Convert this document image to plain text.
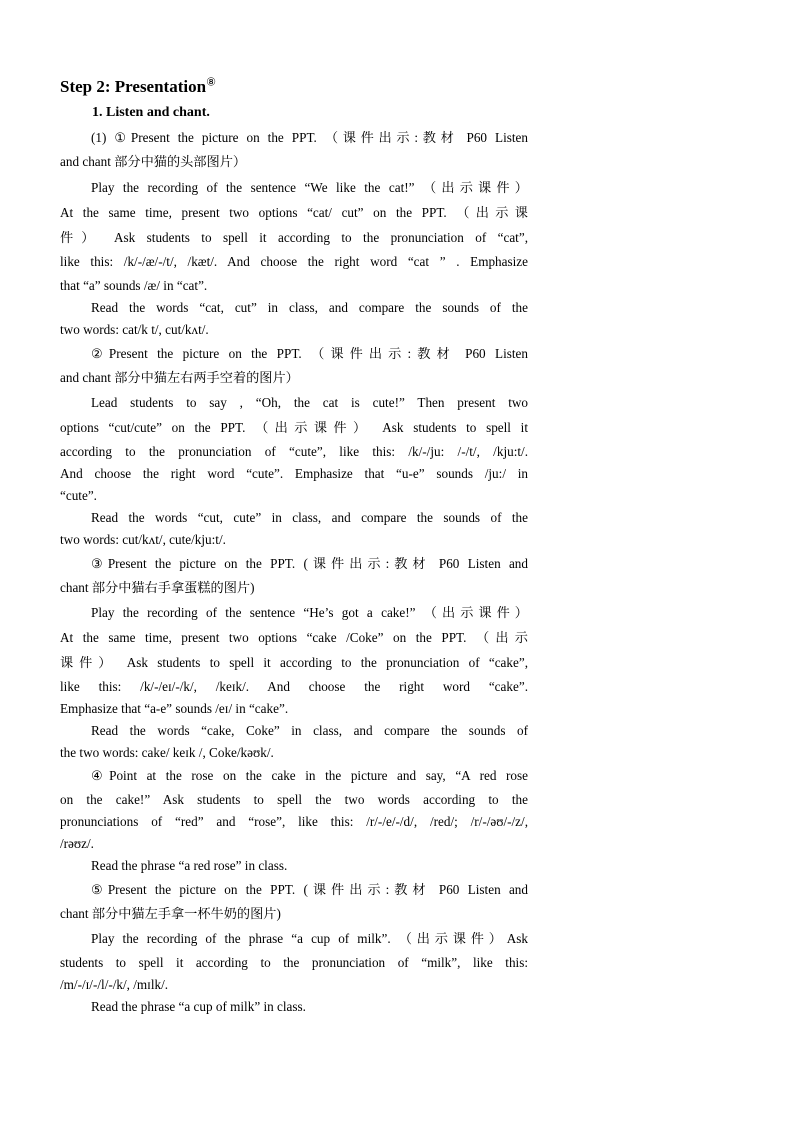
Step 2: Presentation⑧
1. Listen and chant.
(1) ①Present the picture on the PPT. （课件出示:教材 P60 Listen
and chant 部分中猫的头部图片）
Play the recording of the sentence “We like the cat!” （出示课件）
At the same time, present two options “cat/ cut” on the PPT. （出示课
件） Ask students to spell it according to the pronunciation of “cat”,
like this: /k/-/æ/-/t/, /kæt/. And choose the right word “cat ” . Emphasize
that “a” sounds /æ/ in “cat”.
Read the words “cat, cut” in class, and compare the sounds of the
two words: cat/k t/, cut/kʌt/.
②Present the picture on the PPT. （课件出示:教材 P60 Listen
and chant 部分中猫左右两手空着的图片）
Lead students to say , “Oh, the cat is cute!” Then present two
options “cut/cute” on the PPT. （出示课件） Ask students to spell it
according to the pronunciation of “cute”, like this: /k/-/ju: /-/t/, /kju:t/.
And choose the right word “cute”. Emphasize that “u-e” sounds /ju:/ in
“cute”.
Read the words “cut, cute” in class, and compare the sounds of the
two words: cut/kʌt/, cute/kju:t/.
③Present the picture on the PPT. (课件出示:教材 P60 Listen and
chant 部分中猫右手拿蛋糕的图片)
Play the recording of the sentence “He’s got a cake!” （出示课件）
At the same time, present two options “cake /Coke” on the PPT. （出示
课件） Ask students to spell it according to the pronunciation of “cake”,
like this: /k/-/eɪ/-/k/, /keɪk/. And choose the right word “cake”.
Emphasize that “a-e” sounds /eɪ/ in “cake”.
Read the words “cake, Coke” in class, and compare the sounds of
the two words: cake/ keɪk /, Coke/kəʊk/.
④Point at the rose on the cake in the picture and say, “A red rose
on the cake!” Ask students to spell the two words according to the
pronunciations of “red” and “rose”, like this: /r/-/e/-/d/, /red/; /r/-/əʊ/-/z/,
/rəʊz/.
Read the phrase “a red rose” in class.
⑤Present the picture on the PPT. (课件出示:教材 P60 Listen and
chant 部分中猫左手拿一杯牛奶的图片)
Play the recording of the phrase “a cup of milk”. （出示课件）Ask
students to spell it according to the pronunciation of “milk”, like this:
/m/-/ɪ/-/l/-/k/, /mɪlk/.
Read the phrase “a cup of milk” in class.
